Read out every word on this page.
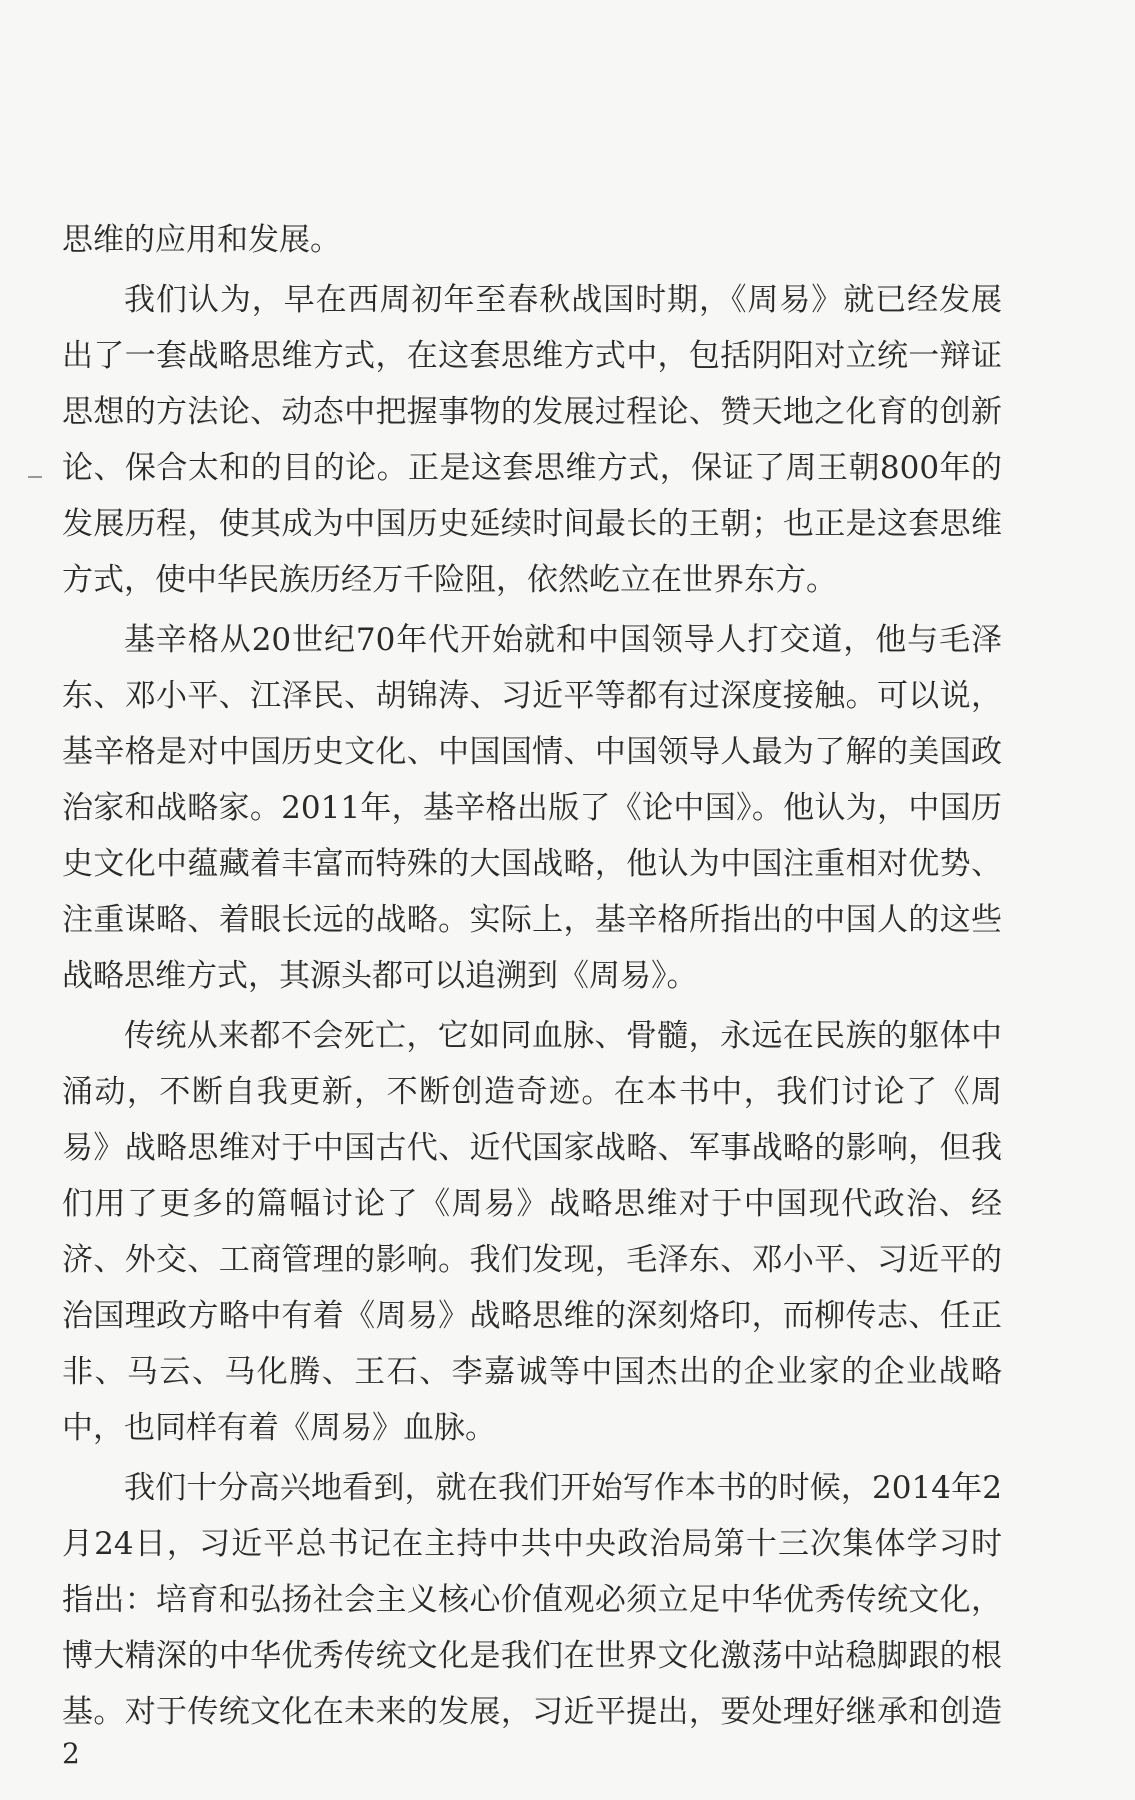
思维的应用和发展。
我们认为，早在西周初年至春秋战国时期，《周易》就已经发展
出了一套战略思维方式，在这套思维方式中，包括阴阳对立统一辩证
思想的方法论、动态中把握事物的发展过程论、赞天地之化育的创新
论、保合太和的目的论。正是这套思维方式，保证了周王朝800年的
发展历程，使其成为中国历史延续时间最长的王朝；也正是这套思维
方式，使中华民族历经万千险阻，依然屹立在世界东方。
基辛格从20世纪70年代开始就和中国领导人打交道，他与毛泽
东、邓小平、江泽民、胡锦涛、习近平等都有过深度接触。可以说，
基辛格是对中国历史文化、中国国情、中国领导人最为了解的美国政
治家和战略家。2011年，基辛格出版了《论中国》。他认为，中国历
史文化中蕴藏着丰富而特殊的大国战略，他认为中国注重相对优势、
注重谋略、着眼长远的战略。实际上，基辛格所指出的中国人的这些
战略思维方式，其源头都可以追溯到《周易》。
传统从来都不会死亡，它如同血脉、骨髓，永远在民族的躯体中
涌动，不断自我更新，不断创造奇迹。在本书中，我们讨论了《周
易》战略思维对于中国古代、近代国家战略、军事战略的影响，但我
们用了更多的篇幅讨论了《周易》战略思维对于中国现代政治、经
济、外交、工商管理的影响。我们发现，毛泽东、邓小平、习近平的
治国理政方略中有着《周易》战略思维的深刻烙印，而柳传志、任正
非、马云、马化腾、王石、李嘉诚等中国杰出的企业家的企业战略
中，也同样有着《周易》血脉。
我们十分高兴地看到，就在我们开始写作本书的时候，2014年2
月24日，习近平总书记在主持中共中央政治局第十三次集体学习时
指出：培育和弘扬社会主义核心价值观必须立足中华优秀传统文化，
博大精深的中华优秀传统文化是我们在世界文化激荡中站稳脚跟的根
基。对于传统文化在未来的发展，习近平提出，要处理好继承和创造
2
